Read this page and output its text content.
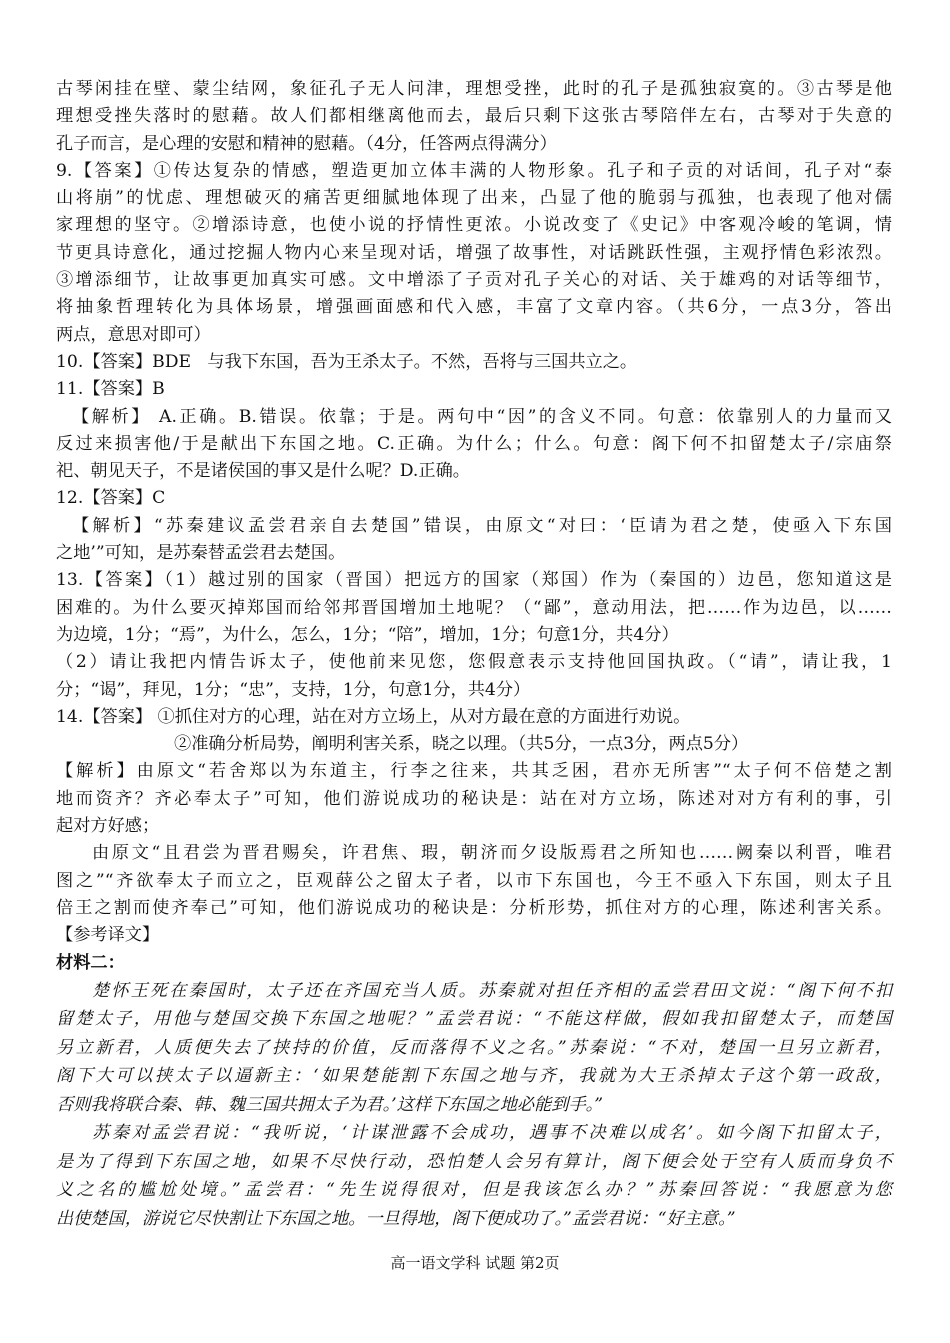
古琴闲挂在壁、蒙尘结网，象征孔子无人问津，理想受挫，此时的孔子是孤独寂寞的。③古琴是他
理想受挫失落时的慰藉。故人们都相继离他而去，最后只剩下这张古琴陪伴左右，古琴对于失意的
孔子而言，是心理的安慰和精神的慰藉。（4分，任答两点得满分）
9.【答案】①传达复杂的情感，塑造更加立体丰满的人物形象。孔子和子贡的对话间，孔子对“泰
山将崩”的忧虑、理想破灭的痛苦更细腻地体现了出来，凸显了他的脆弱与孤独，也表现了他对儒
家理想的坚守。②增添诗意，也使小说的抒情性更浓。小说改变了《史记》中客观冷峻的笔调，情
节更具诗意化，通过挖掘人物内心来呈现对话，增强了故事性，对话跳跃性强，主观抒情色彩浓烈。
③增添细节，让故事更加真实可感。文中增添了子贡对孔子关心的对话、关于雄鸡的对话等细节，
将抽象哲理转化为具体场景，增强画面感和代入感，丰富了文章内容。（共6分，一点3分，答出
两点，意思对即可）
10.【答案】BDE   与我下东国，吾为王杀太子。不然，吾将与三国共立之。
11.【答案】B
【解析】 A.正确。B.错误。依靠；于是。两句中“因”的含义不同。句意：依靠别人的力量而又
反过来损害他/于是献出下东国之地。C.正确。为什么；什么。句意：阁下何不扣留楚太子/宗庙祭
祀、朝见天子，不是诸侯国的事又是什么呢？D.正确。
12.【答案】C
【解析】“苏秦建议孟尝君亲自去楚国”错误，由原文“对曰：‘臣请为君之楚，使亟入下东国
之地’”可知，是苏秦替孟尝君去楚国。
13.【答案】（1）越过别的国家（晋国）把远方的国家（郑国）作为（秦国的）边邑，您知道这是
困难的。为什么要灭掉郑国而给邻邦晋国增加土地呢？（“鄙”，意动用法，把……作为边邑，以……
为边境，1分；“焉”，为什么，怎么，1分；“陪”，增加，1分；句意1分，共4分）
（2）请让我把内情告诉太子，使他前来见您，您假意表示支持他回国执政。（“请”，请让我，1
分；“谒”，拜见，1分；“忠”，支持，1分，句意1分，共4分）
14.【答案】 ①抓住对方的心理，站在对方立场上，从对方最在意的方面进行劝说。
②准确分析局势，阐明利害关系，晓之以理。（共5分，一点3分，两点5分）
【解析】由原文“若舍郑以为东道主，行李之往来，共其乏困，君亦无所害”“太子何不倍楚之割
地而资齐？齐必奉太子”可知，他们游说成功的秘诀是：站在对方立场，陈述对对方有利的事，引
起对方好感；
由原文“且君尝为晋君赐矣，许君焦、瑕，朝济而夕设版焉君之所知也……阙秦以利晋，唯君
图之”“齐欲奉太子而立之，臣观薛公之留太子者，以市下东国也，今王不亟入下东国，则太子且
倍王之割而使齐奉己”可知，他们游说成功的秘诀是：分析形势，抓住对方的心理，陈述利害关系。
【参考译文】
材料二：
楚怀王死在秦国时，太子还在齐国充当人质。苏秦就对担任齐相的孟尝君田文说：“阁下何不扣
留楚太子，用他与楚国交换下东国之地呢？”孟尝君说：“不能这样做，假如我扣留楚太子，而楚国
另立新君，人质便失去了挟持的价值，反而落得不义之名。”苏秦说：“不对，楚国一旦另立新君，
阁下大可以挟太子以逼新主：‘如果楚能割下东国之地与齐，我就为大王杀掉太子这个第一政敌，
否则我将联合秦、韩、魏三国共拥太子为君。’这样下东国之地必能到手。”
苏秦对孟尝君说：“我听说，‘计谋泄露不会成功，遇事不决难以成名’。如今阁下扣留太子，
是为了得到下东国之地，如果不尽快行动，恐怕楚人会另有算计，阁下便会处于空有人质而身负不
义之名的尴尬处境。”孟尝君：“先生说得很对，但是我该怎么办？”苏秦回答说：“我愿意为您
出使楚国，游说它尽快割让下东国之地。一旦得地，阁下便成功了。”孟尝君说：“好主意。”
高一语文学科 试题 第2页
